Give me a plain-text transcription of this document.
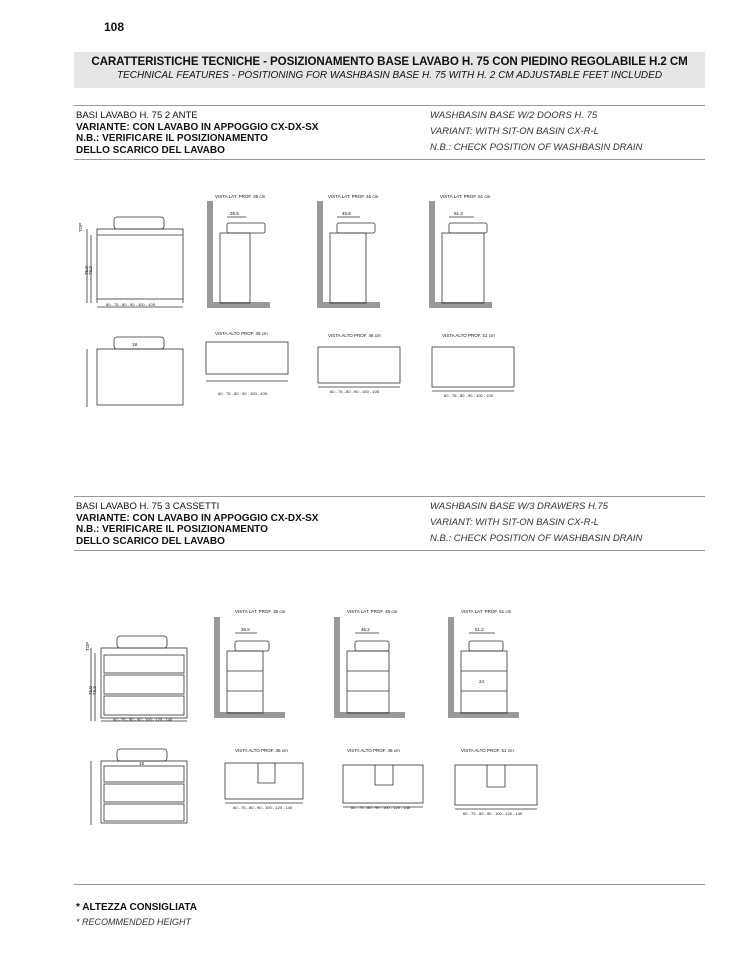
108
CARATTERISTICHE TECNICHE - POSIZIONAMENTO BASE LAVABO H. 75 CON PIEDINO REGOLABILE H.2 CM
TECHNICAL FEATURES - POSITIONING FOR WASHBASIN BASE H. 75 WITH H. 2 CM ADJUSTABLE FEET INCLUDED
BASI LAVABO H. 75 2 ANTE
VARIANTE: CON LAVABO IN APPOGGIO CX-DX-SX
N.B.: VERIFICARE IL POSIZIONAMENTO
DELLO SCARICO DEL LAVABO
WASHBASIN BASE W/2 DOORS H. 75
VARIANT: WITH SIT-ON BASIN CX-R-L
N.B.: CHECK POSITION OF WASHBASIN DRAIN
TOP
75.0 73.2
60 - 75 - 80 - 90 - 100 - 105
VISTA LAT. PROF. 35 cm
35.5
VISTA LAT. PROF. 46 cm
45.8
VISTA LAT. PROF. 51 cm
51.3
18
VISTA ALTO PROF. 35 cm
60 - 75 - 80 - 90 - 100 - 105
VISTA ALTO PROF. 46 cm
60 - 75 - 80 - 90 - 100 - 105
VISTA ALTO PROF. 51 cm
60 - 75 - 80 - 90 - 100 - 105
BASI LAVABO H. 75 3 CASSETTI
VARIANTE: CON LAVABO IN APPOGGIO CX-DX-SX
N.B.: VERIFICARE IL POSIZIONAMENTO
DELLO SCARICO DEL LAVABO
WASHBASIN BASE W/3 DRAWERS H.75
VARIANT: WITH SIT-ON BASIN CX-R-L
N.B.: CHECK POSITION OF WASHBASIN DRAIN
TOP
75.0 73.2
60 - 75 - 80 - 90 - 100 - 120 - 140
VISTA LAT. PROF. 35 cm
35.5
VISTA LAT. PROF. 46 cm
46.2
VISTA LAT. PROF. 51 cm
51.2
24
18
VISTA ALTO PROF. 35 cm
60 - 75 - 80 - 90 - 100 - 120 - 140
VISTA ALTO PROF. 46 cm
60 - 75 - 80 - 90 - 100 - 120 - 140
VISTA ALTO PROF. 51 cm
60 - 70 - 80 - 90 - 100 - 120 - 140
* ALTEZZA CONSIGLIATA
* RECOMMENDED HEIGHT
